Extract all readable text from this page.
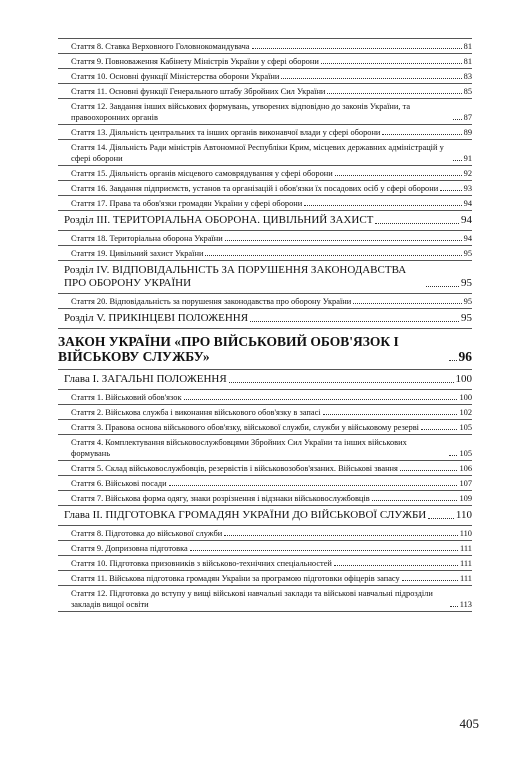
Стаття 8. Ставка Верховного Головнокомандувача	81
Стаття 9. Повноваження Кабінету Міністрів України у сфері оборони	81
Стаття 10. Основні функції Міністерства оборони України	83
Стаття 11. Основні функції Генерального штабу Збройних Сил України	85
Стаття 12. Завдання інших військових формувань, утворених відповідно до законів України, та правоохоронних органів	87
Стаття 13. Діяльність центральних та інших органів виконавчої влади у сфері оборони	89
Стаття 14. Діяльність Ради міністрів Автономної Республіки Крим, місцевих державних адміністрацій у сфері оборони	91
Стаття 15. Діяльність органів місцевого самоврядування у сфері оборони	92
Стаття 16. Завдання підприємств, установ та організацій і обов'язки їх посадових осіб у сфері оборони	93
Стаття 17. Права та обов'язки громадян України у сфері оборони	94
Розділ ІІІ. ТЕРИТОРІАЛЬНА ОБОРОНА. ЦИВІЛЬНИЙ ЗАХИСТ	94
Стаття 18. Територіальна оборона України	94
Стаття 19. Цивільний захист України	95
Розділ IV. ВІДПОВІДАЛЬНІСТЬ ЗА ПОРУШЕННЯ ЗАКОНОДАВСТВА ПРО ОБОРОНУ УКРАЇНИ	95
Стаття 20. Відповідальність за порушення законодавства про оборону України	95
Розділ V. ПРИКІНЦЕВІ ПОЛОЖЕННЯ	95
ЗАКОН УКРАЇНИ «ПРО ВІЙСЬКОВИЙ ОБОВ'ЯЗОК І ВІЙСЬКОВУ СЛУЖБУ»	96
Глава I. ЗАГАЛЬНІ ПОЛОЖЕННЯ	100
Стаття 1. Військовий обов'язок	100
Стаття 2. Військова служба і виконання військового обов'язку в запасі	102
Стаття 3. Правова основа військового обов'язку, військової служби, служби у військовому резерві	105
Стаття 4. Комплектування військовослужбовцями Збройних Сил України та інших військових формувань	105
Стаття 5. Склад військовослужбовців, резервістів і військовозобов'язаних. Військові звання	106
Стаття 6. Військові посади	107
Стаття 7. Військова форма одягу, знаки розрізнення і відзнаки військовослужбовців	109
Глава II. ПІДГОТОВКА ГРОМАДЯН УКРАЇНИ ДО ВІЙСЬКОВОЇ СЛУЖБИ	110
Стаття 8. Підготовка до військової служби	110
Стаття 9. Допризовна підготовка	111
Стаття 10. Підготовка призовників з військово-технічних спеціальностей	111
Стаття 11. Військова підготовка громадян України за програмою підготовки офіцерів запасу	111
Стаття 12. Підготовка до вступу у вищі військові навчальні заклади та військові навчальні підрозділи закладів вищої освіти	113
405
